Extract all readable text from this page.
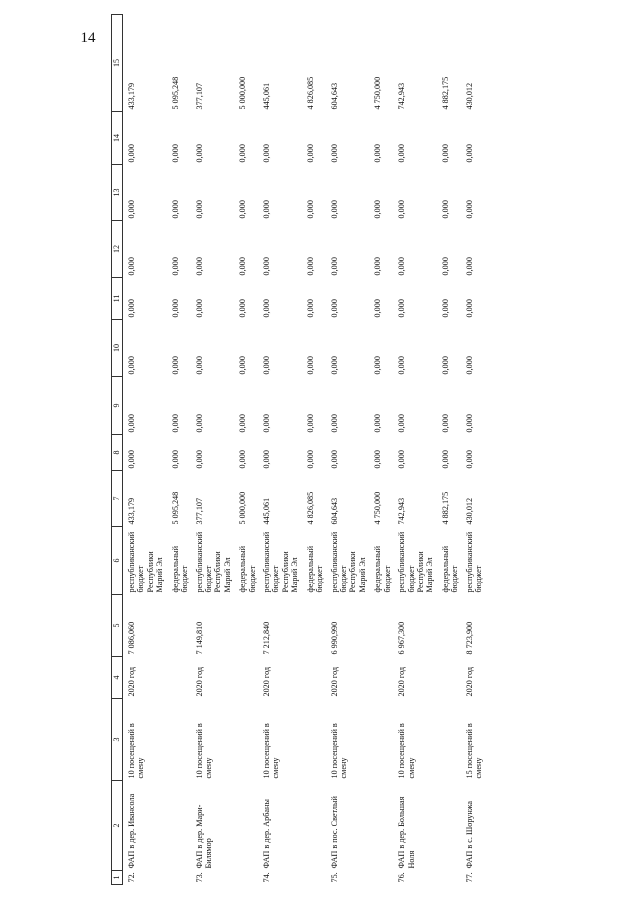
14
1	2	3	4	5	6	7	8	9	10	11	12	13	14	15
72.	ФАП в дер. Ивансола	10 посещений в смену	2020 год	7 086,060	республиканский бюджет Республики Марий Эл	433,179	0,000	0,000	0,000	0,000	0,000	0,000	0,000	433,179
					федеральный бюджет	5 095,248	0,000	0,000	0,000	0,000	0,000	0,000	0,000	5 095,248
73.	ФАП в дер. Мари-Билямор	10 посещений в смену	2020 год	7 149,810	республиканский бюджет Республики Марий Эл	377,107	0,000	0,000	0,000	0,000	0,000	0,000	0,000	377,107
					федеральный бюджет	5 000,000	0,000	0,000	0,000	0,000	0,000	0,000	0,000	5 000,000
74.	ФАП в дер. Арбаны	10 посещений в смену	2020 год	7 212,840	республиканский бюджет Республики Марий Эл	445,061	0,000	0,000	0,000	0,000	0,000	0,000	0,000	445,061
					федеральный бюджет	4 826,085	0,000	0,000	0,000	0,000	0,000	0,000	0,000	4 826,085
75.	ФАП в пос. Светлый	10 посещений в смену	2020 год	6 990,990	республиканский бюджет Республики Марий Эл	604,643	0,000	0,000	0,000	0,000	0,000	0,000	0,000	604,643
					федеральный бюджет	4 750,000	0,000	0,000	0,000	0,000	0,000	0,000	0,000	4 750,000
76.	ФАП в дер. Большая Ноля	10 посещений в смену	2020 год	6 967,300	республиканский бюджет Республики Марий Эл	742,943	0,000	0,000	0,000	0,000	0,000	0,000	0,000	742,943
					федеральный бюджет	4 882,175	0,000	0,000	0,000	0,000	0,000	0,000	0,000	4 882,175
77.	ФАП в с. Шорунжа	15 посещений в смену	2020 год	8 723,900	республиканский бюджет	430,012	0,000	0,000	0,000	0,000	0,000	0,000	0,000	430,012
